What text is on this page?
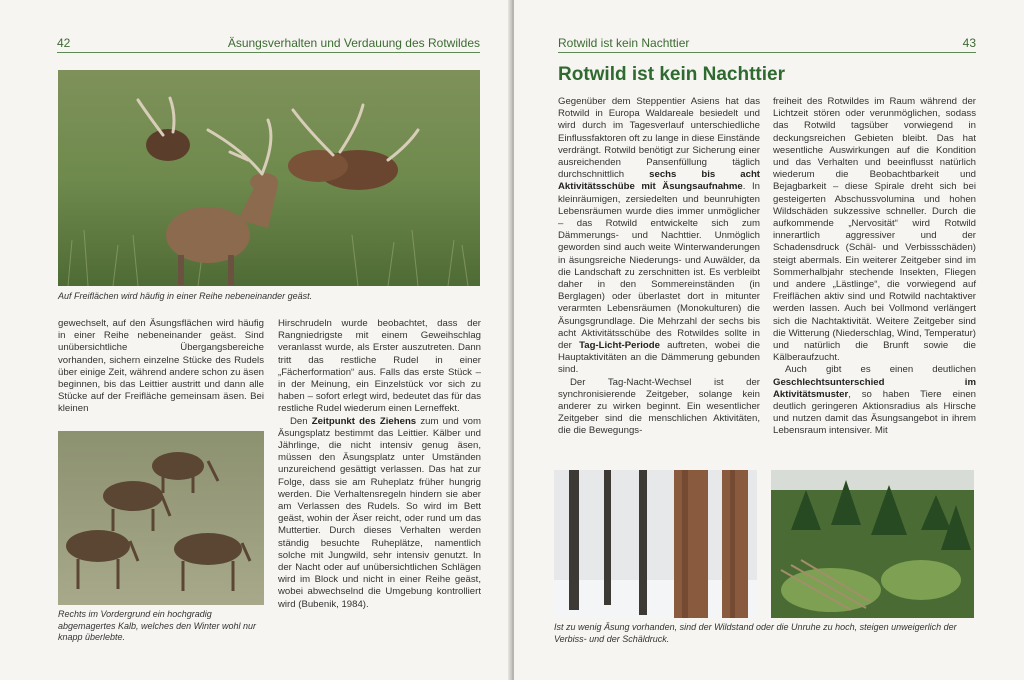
42	Äsungsverhalten und Verdauung des Rotwildes
Auf Freiflächen wird häufig in einer Reihe nebeneinander geäst.

gewechselt, auf den Äsungsflächen wird häufig in einer Reihe nebeneinander geäst. Sind unübersichtliche Übergangsbereiche vorhanden, sichern einzelne Stücke des Rudels über einige Zeit, während andere schon zu äsen beginnen, bis das Leittier austritt und dann alle Stücke auf der Freifläche gemeinsam äsen. Bei kleinen

Rechts im Vordergrund ein hochgradig abgemagertes Kalb, welches den Winter wohl nur knapp überlebte.

Hirschrudeln wurde beobachtet, dass der Rangniedrigste mit einem Geweihschlag veranlasst wurde, als Erster auszutreten. Dann tritt das restliche Rudel in einer „Fächerformation“ aus. Falls das erste Stück – in der Meinung, ein Einzelstück vor sich zu haben – sofort erlegt wird, bedeutet das für das restliche Rudel wiederum einen Lerneffekt.

Den Zeitpunkt des Ziehens zum und vom Äsungsplatz bestimmt das Leittier. Kälber und Jährlinge, die nicht intensiv genug äsen, müssen den Äsungsplatz unter Umständen unzureichend gesättigt verlassen. Das hat zur Folge, dass sie am Ruheplatz früher hungrig werden. Die Verhaltensregeln hindern sie aber am Verlassen des Rudels. So wird im Bett geäst, wohin der Äser reicht, oder rund um das Muttertier. Durch dieses Verhalten werden ständig besuchte Ruheplätze, namentlich solche mit Jungwild, sehr intensiv genutzt. In der Nacht oder auf unübersichtlichen Schlägen wird im Block und nicht in einer Reihe geäst, wobei abwechselnd die Umgebung kontrolliert wird (Bubenik, 1984).

Rotwild ist kein Nachttier	43
Rotwild ist kein Nachttier

Gegenüber dem Steppentier Asiens hat das Rotwild in Europa Waldareale besiedelt und wird durch im Tagesverlauf unterschiedliche Einflussfaktoren oft zu lange in diese Einstände verdrängt. Rotwild benötigt zur Sicherung einer ausreichenden Pansenfüllung täglich durchschnittlich sechs bis acht Aktivitätsschübe mit Äsungsaufnahme. In kleinräumigen, zersiedelten und beunruhigten Lebensräumen wurde dies immer unmöglicher – das Rotwild entwickelte sich zum Dämmerungs- und Nachttier. Unmöglich geworden sind auch weite Winterwanderungen in äsungsreiche Niederungs- und Auwälder, da die Landschaft zu zerschnitten ist. Es verbleibt daher in den Sommereinständen (in Berglagen) oder überlastet dort in mitunter verarmten Lebensräumen (Monokulturen) die Äsungsgrundlage. Die Mehrzahl der sechs bis acht Aktivitätsschübe des Rotwildes sollte in der Tag-Licht-Periode auftreten, wobei die Hauptaktivitäten an die Dämmerung gebunden sind.

Der Tag-Nacht-Wechsel ist der synchronisierende Zeitgeber, solange kein anderer zu wirken beginnt. Ein wesentlicher Zeitgeber sind die menschlichen Aktivitäten, die die Bewegungs-

freiheit des Rotwildes im Raum während der Lichtzeit stören oder verunmöglichen, sodass das Rotwild tagsüber vorwiegend in deckungsreichen Gebieten bleibt. Das hat wesentliche Auswirkungen auf die Kondition und das Verhalten und beeinflusst natürlich wiederum die Beobachtbarkeit und Bejagbarkeit – diese Spirale dreht sich bei gesteigerten Abschussvolumina und hohen Wildschäden sukzessive schneller. Durch die aufkommende „Nervosität“ wird Rotwild innerartlich aggressiver und der Schadensdruck (Schäl- und Verbissschäden) steigt abermals. Ein weiterer Zeitgeber sind im Sommerhalbjahr stechende Insekten, Fliegen und andere „Lästlinge“, die vorwiegend auf Freiflächen aktiv sind und Rotwild nachtaktiver werden lassen. Auch bei Vollmond verlängert sich die Nachtaktivität. Weitere Zeitgeber sind die Witterung (Niederschlag, Wind, Temperatur) und natürlich die Brunft sowie die Kälberaufzucht.

Auch gibt es einen deutlichen Geschlechtsunterschied im Aktivitätsmuster, so haben Tiere einen deutlich geringeren Aktionsradius als Hirsche und nutzen damit das Äsungsangebot in ihrem Lebensraum intensiver. Mit

Ist zu wenig Äsung vorhanden, sind der Wildstand oder die Unruhe zu hoch, steigen unweigerlich der Verbiss- und der Schäldruck.
